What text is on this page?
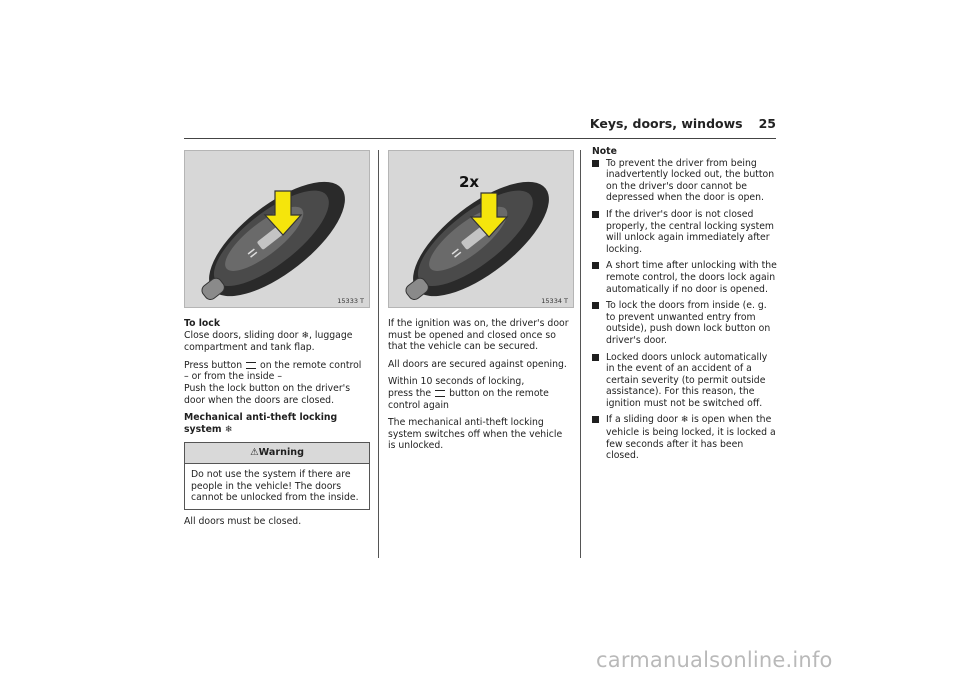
Keys, doors, windows 25
15333 T
2x
15334 T
To lock

Close doors, sliding door ❄, luggage compartment and tank flap.

Press button  on the remote control
– or from the inside –
Push the lock button on the driver's door when the doors are closed.

Mechanical anti-theft locking system ❄

⚠Warning
Do not use the system if there are people in the vehicle! The doors cannot be unlocked from the inside.

All doors must be closed.

If the ignition was on, the driver's door must be opened and closed once so that the vehicle can be secured.

All doors are secured against opening.

Within 10 seconds of locking,
press the  button on the remote
control again

The mechanical anti-theft locking system switches off when the vehicle is unlocked.

Note
To prevent the driver from being inadvertently locked out, the button on the driver's door cannot be depressed when the door is open.
If the driver's door is not closed properly, the central locking system will unlock again immediately after locking.
A short time after unlocking with the remote control, the doors lock again automatically if no door is opened.
To lock the doors from inside (e. g. to prevent unwanted entry from outside), push down lock button on driver's door.
Locked doors unlock automatically in the event of an accident of a certain severity (to permit outside assistance). For this reason, the ignition must not be switched off.
If a sliding door ❄ is open when the vehicle is being locked, it is locked a few seconds after it has been closed.
carmanualsonline.info
